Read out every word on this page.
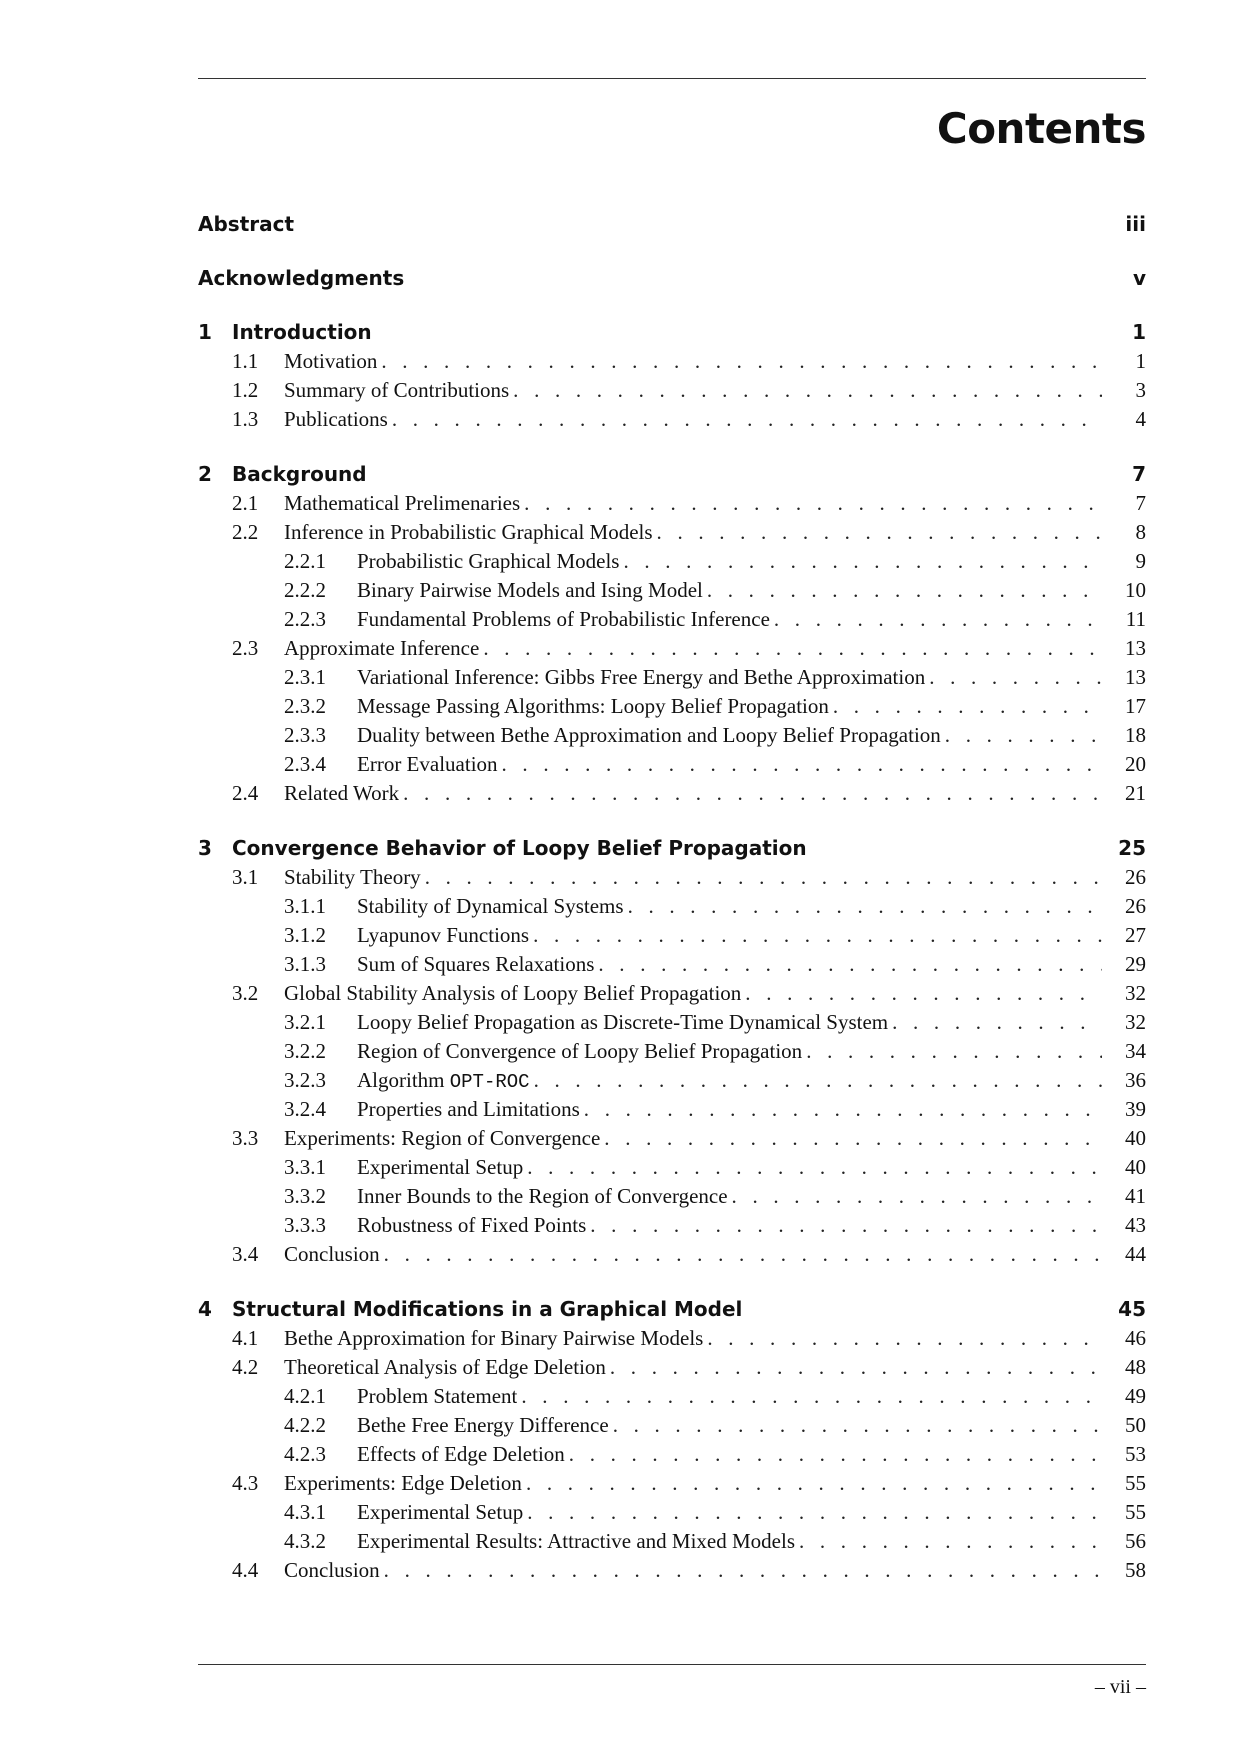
Contents
Abstract	iii
Acknowledgments	v
1	Introduction	1
1.1	Motivation . . .	1
1.2	Summary of Contributions . . .	3
1.3	Publications . . .	4
2	Background	7
2.1	Mathematical Prelimenaries . . .	7
2.2	Inference in Probabilistic Graphical Models . . .	8
2.2.1	Probabilistic Graphical Models . . .	9
2.2.2	Binary Pairwise Models and Ising Model . . .	10
2.2.3	Fundamental Problems of Probabilistic Inference . . .	11
2.3	Approximate Inference . . .	13
2.3.1	Variational Inference: Gibbs Free Energy and Bethe Approximation . . .	13
2.3.2	Message Passing Algorithms: Loopy Belief Propagation . . .	17
2.3.3	Duality between Bethe Approximation and Loopy Belief Propagation . . .	18
2.3.4	Error Evaluation . . .	20
2.4	Related Work . . .	21
3	Convergence Behavior of Loopy Belief Propagation	25
3.1	Stability Theory . . .	26
3.1.1	Stability of Dynamical Systems . . .	26
3.1.2	Lyapunov Functions . . .	27
3.1.3	Sum of Squares Relaxations . . .	29
3.2	Global Stability Analysis of Loopy Belief Propagation . . .	32
3.2.1	Loopy Belief Propagation as Discrete-Time Dynamical System . . .	32
3.2.2	Region of Convergence of Loopy Belief Propagation . . .	34
3.2.3	Algorithm OPT-ROC . . .	36
3.2.4	Properties and Limitations . . .	39
3.3	Experiments: Region of Convergence . . .	40
3.3.1	Experimental Setup . . .	40
3.3.2	Inner Bounds to the Region of Convergence . . .	41
3.3.3	Robustness of Fixed Points . . .	43
3.4	Conclusion . . .	44
4	Structural Modifications in a Graphical Model	45
4.1	Bethe Approximation for Binary Pairwise Models . . .	46
4.2	Theoretical Analysis of Edge Deletion . . .	48
4.2.1	Problem Statement . . .	49
4.2.2	Bethe Free Energy Difference . . .	50
4.2.3	Effects of Edge Deletion . . .	53
4.3	Experiments: Edge Deletion . . .	55
4.3.1	Experimental Setup . . .	55
4.3.2	Experimental Results: Attractive and Mixed Models . . .	56
4.4	Conclusion . . .	58
– vii –
